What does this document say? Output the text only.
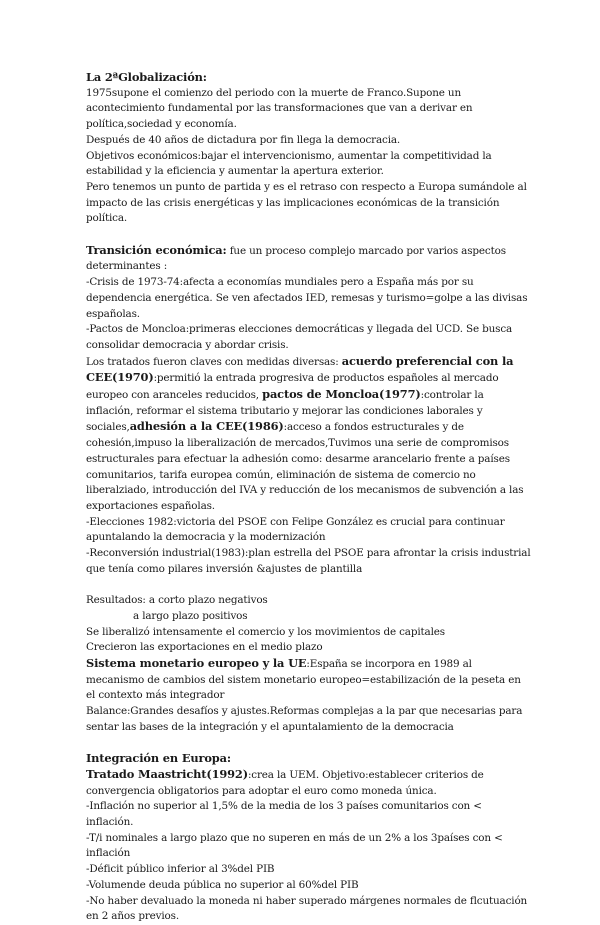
La 2ªGlobalización:

1975supone el comienzo del periodo con la muerte de Franco.Supone un acontecimiento fundamental por las transformaciones que van a derivar en política,sociedad y economía.

Después de 40 años de dictadura por fin llega la democracia.

Objetivos económicos:bajar el intervencionismo, aumentar la competitividad la estabilidad y la eficiencia y aumentar la apertura exterior.

Pero tenemos un punto de partida y es el retraso con respecto a Europa sumándole al impacto de las crisis energéticas y las implicaciones económicas de la transición política.

Transición económica: fue un proceso complejo marcado por varios aspectos determinantes :

-Crisis de 1973-74:afecta a economías mundiales pero a España más por su dependencia energética. Se ven afectados IED, remesas y turismo=golpe a las divisas españolas.

-Pactos de Moncloa:primeras elecciones democráticas y llegada del UCD. Se busca consolidar democracia y abordar crisis.

Los tratados fueron claves con medidas diversas: acuerdo preferencial con la CEE(1970):permitió la entrada progresiva de productos españoles al mercado europeo con aranceles reducidos, pactos de Moncloa(1977):controlar la inflación, reformar el sistema tributario y mejorar las condiciones laborales y sociales,adhesión a la CEE(1986):acceso a fondos estructurales y de cohesión,impuso la liberalización de mercados,Tuvimos una serie de compromisos estructurales para efectuar la adhesión como: desarme arancelario frente a países comunitarios, tarifa europea común, eliminación de sistema de comercio no liberalziado, introducción del IVA y reducción de los mecanismos de subvención a las exportaciones españolas.

-Elecciones 1982:victoria del PSOE con Felipe González es crucial para continuar apuntalando la democracia y la modernización

-Reconversión industrial(1983):plan estrella del PSOE para afrontar la crisis industrial que tenía como pilares inversión &ajustes de plantilla

Resultados: a corto plazo negativos

a largo plazo positivos

Se liberalizó intensamente el comercio y los movimientos de capitales

Crecieron las exportaciones en el medio plazo

Sistema monetario europeo y la UE:España se incorpora en 1989 al mecanismo de cambios del sistem monetario europeo=estabilización de la peseta en el contexto más integrador

Balance:Grandes desafíos y ajustes.Reformas complejas a la par que necesarias para sentar las bases de la integración y el apuntalamiento de la democracia

Integración en Europa:

Tratado Maastricht(1992):crea la UEM. Objetivo:establecer criterios de convergencia obligatorios para adoptar el euro como moneda única.

-Inflación no superior al 1,5% de la media de los 3 países comunitarios con < inflación.

-T/i nominales a largo plazo que no superen en más de un 2% a los 3países con < inflación

-Déficit público inferior al 3%del PIB

-Volumende deuda pública no superior al 60%del PIB

-No haber devaluado la moneda ni haber superado márgenes normales de flcutuación en 2 años previos.
